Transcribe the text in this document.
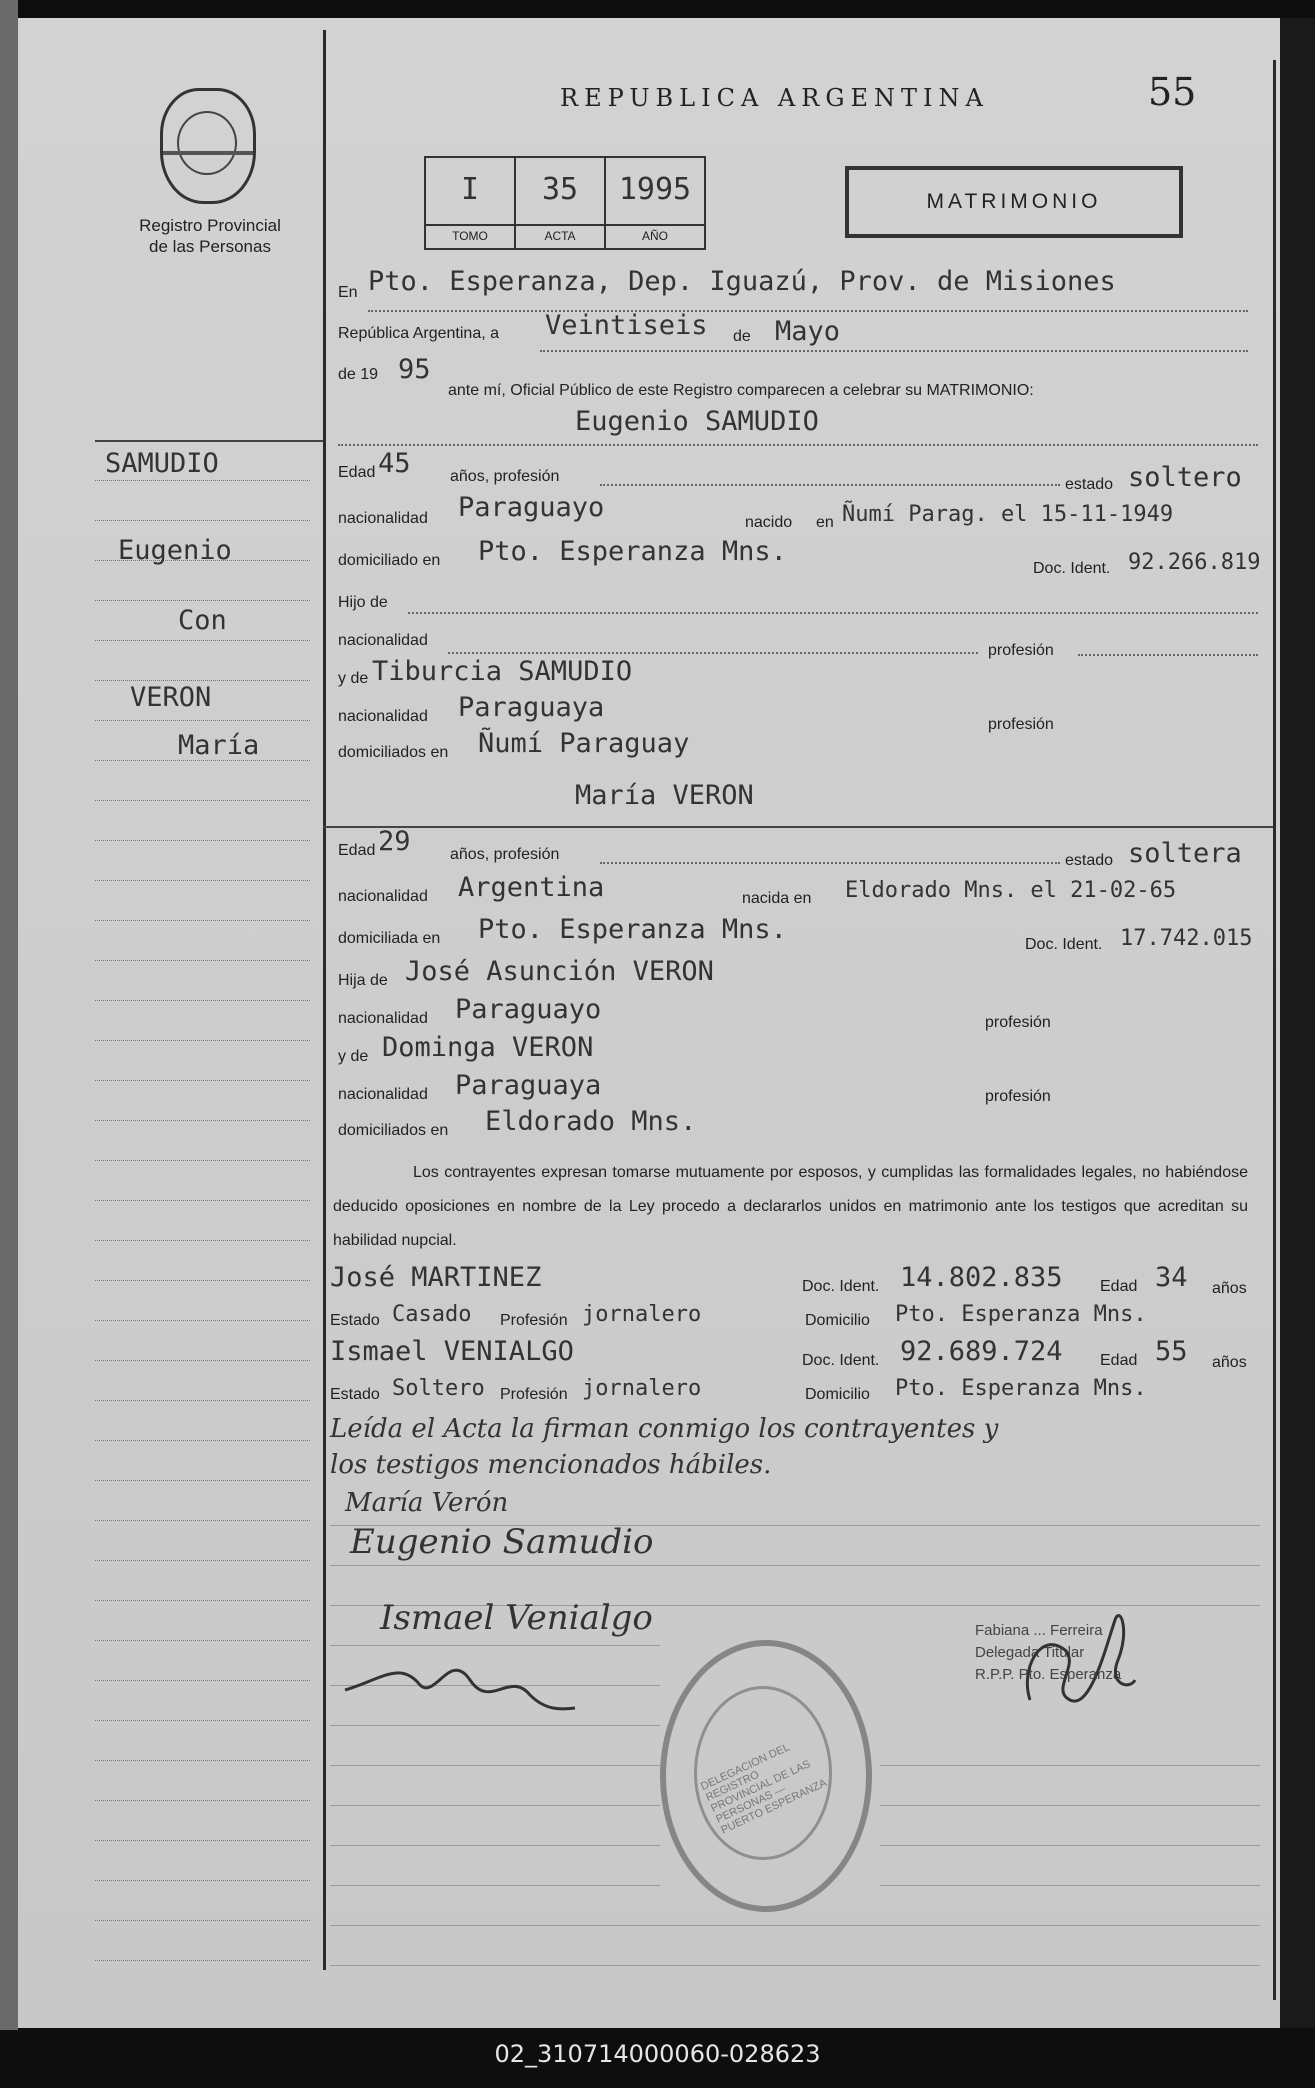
Registro Provincial
de las Personas
REPUBLICA ARGENTINA	55
I
TOMO
35
ACTA
1995
AÑO
MATRIMONIO
SAMUDIO
Eugenio
Con
VERON
María
En Pto. Esperanza, Dep. Iguazú, Prov. de Misiones
República Argentina, a Veintiseis de Mayo
de 19 95
ante mí, Oficial Público de este Registro comparecen a celebrar su MATRIMONIO:
Eugenio SAMUDIO
Edad 45 años, profesión	estado soltero
nacionalidad Paraguayo	nacido en Ñumí Parag. el 15-11-1949
domiciliado en Pto. Esperanza Mns.
Doc. Ident. 92.266.819
Hijo de
nacionalidad
profesión
y de Tiburcia SAMUDIO
nacionalidad Paraguaya
profesión
domiciliados en Ñumí Paraguay
María VERON
Edad 29 años, profesión	estado soltera
nacionalidad Argentina	nacida en Eldorado Mns. el 21-02-65
domiciliada en Pto. Esperanza Mns.	Doc. Ident. 17.742.015
Hija de José Asunción VERON
nacionalidad Paraguayo	profesión
y de Dominga VERON
nacionalidad Paraguaya	profesión
domiciliados en Eldorado Mns.
Los contrayentes expresan tomarse mutuamente por esposos, y cumplidas las formalidades legales, no habiéndose deducido oposiciones en nombre de la Ley procedo a declararlos unidos en matrimonio ante los testigos que acreditan su habilidad nupcial.
José MARTINEZ	Doc. Ident. 14.802.835 Edad 34 años
Estado Casado Profesión jornalero	Domicilio Pto. Esperanza Mns.
Ismael VENIALGO	Doc. Ident. 92.689.724 Edad 55 años
Estado Soltero Profesión jornalero	Domicilio Pto. Esperanza Mns.
Leída el Acta la firman conmigo los contrayentes y
los testigos mencionados hábiles.
María Verón
Eugenio Samudio
Ismael Venialgo
DELEGACION DEL REGISTRO PROVINCIAL DE LAS PERSONAS — PUERTO ESPERANZA
Fabiana ... Ferreira
Delegada Titular
R.P.P. Pto. Esperanza
02_310714000060-028623
